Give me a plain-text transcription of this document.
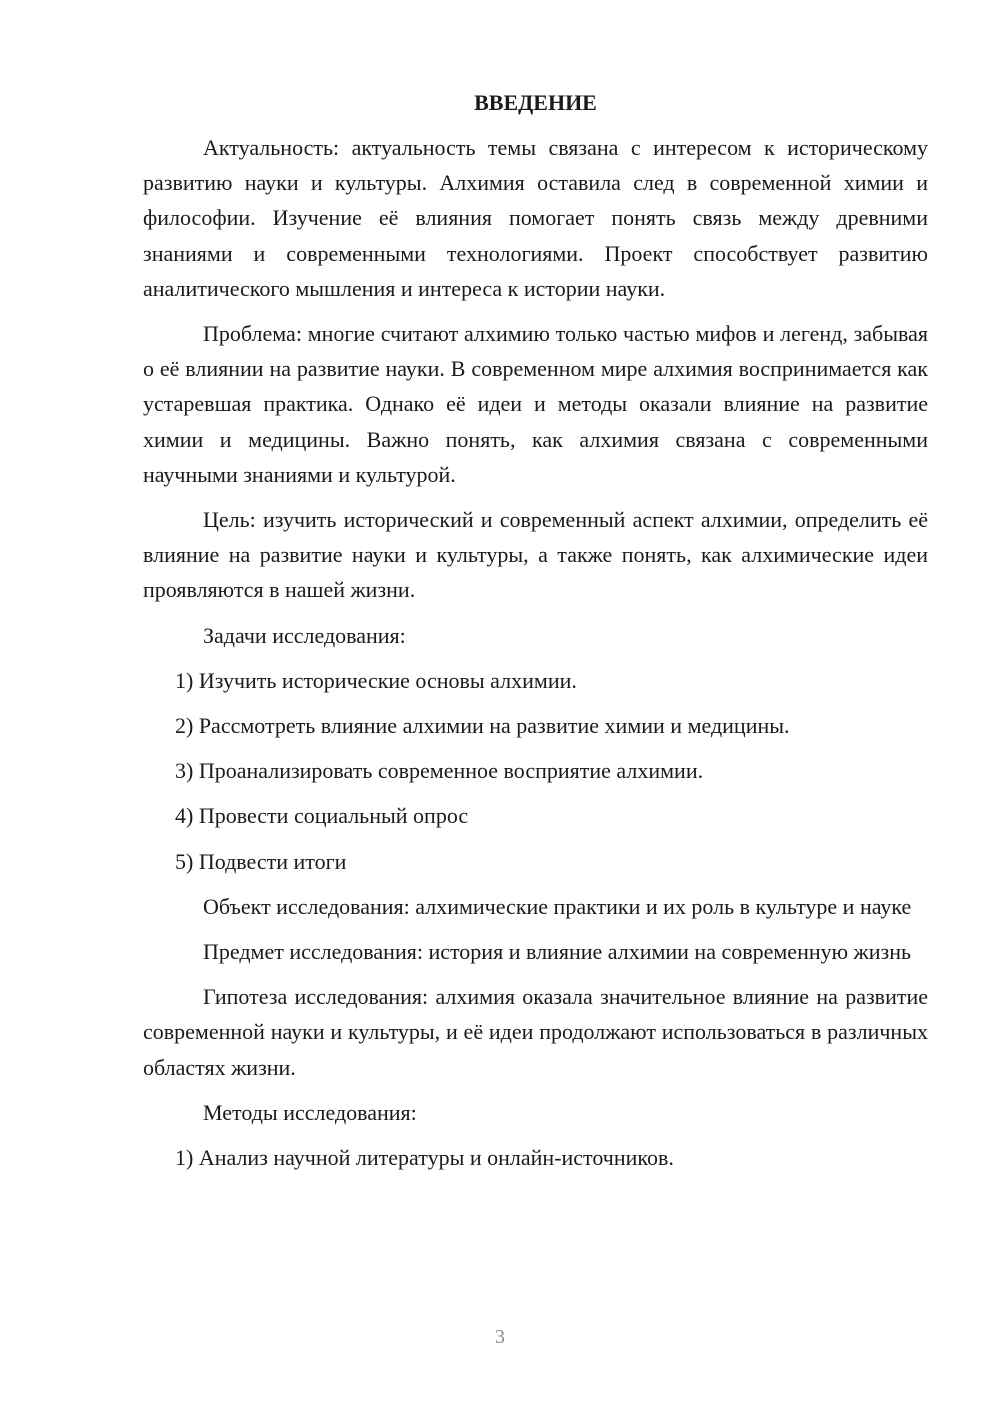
ВВЕДЕНИЕ

Актуальность: актуальность темы связана с интересом к историческому развитию науки и культуры. Алхимия оставила след в современной химии и философии. Изучение её влияния помогает понять связь между древними знаниями и современными технологиями. Проект способствует развитию аналитического мышления и интереса к истории науки.

Проблема: многие считают алхимию только частью мифов и легенд, забывая о её влиянии на развитие науки. В современном мире алхимия воспринимается как устаревшая практика. Однако её идеи и методы оказали влияние на развитие химии и медицины. Важно понять, как алхимия связана с современными научными знаниями и культурой.

Цель: изучить исторический и современный аспект алхимии, определить её влияние на развитие науки и культуры, а также понять, как алхимические идеи проявляются в нашей жизни.

Задачи исследования:

1) Изучить исторические основы алхимии.
2) Рассмотреть влияние алхимии на развитие химии и медицины.
3) Проанализировать современное восприятие алхимии.
4) Провести социальный опрос
5) Подвести итоги

Объект исследования: алхимические практики и их роль в культуре и науке

Предмет исследования: история и влияние алхимии на современную жизнь

Гипотеза исследования: алхимия оказала значительное влияние на развитие современной науки и культуры, и её идеи продолжают использоваться в различных областях жизни.

Методы исследования:

1) Анализ научной литературы и онлайн-источников.
3
